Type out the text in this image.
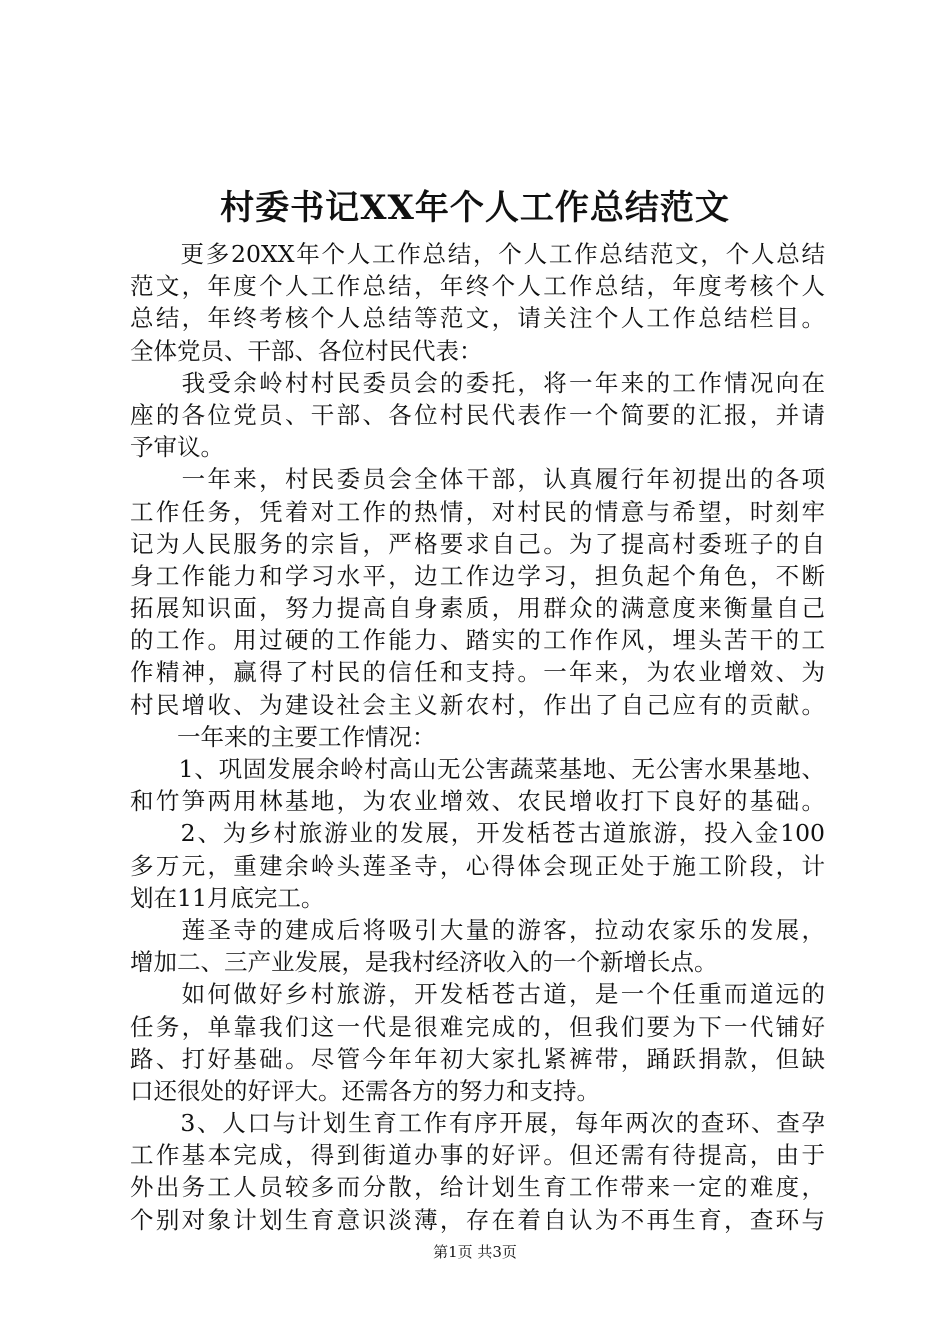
村委书记XX年个人工作总结范文
　　更多20XX年个人工作总结，个人工作总结范文，个人总结
范文，年度个人工作总结，年终个人工作总结，年度考核个人
总结，年终考核个人总结等范文，请关注个人工作总结栏目。
全体党员、干部、各位村民代表：
　　我受余岭村村民委员会的委托，将一年来的工作情况向在
座的各位党员、干部、各位村民代表作一个简要的汇报，并请
予审议。
　　一年来，村民委员会全体干部，认真履行年初提出的各项
工作任务，凭着对工作的热情，对村民的情意与希望，时刻牢
记为人民服务的宗旨，严格要求自己。为了提高村委班子的自
身工作能力和学习水平，边工作边学习，担负起个角色，不断
拓展知识面，努力提高自身素质，用群众的满意度来衡量自己
的工作。用过硬的工作能力、踏实的工作作风，埋头苦干的工
作精神，赢得了村民的信任和支持。一年来，为农业增效、为
村民增收、为建设社会主义新农村，作出了自己应有的贡献。
　　一年来的主要工作情况：
　　1、巩固发展余岭村高山无公害蔬菜基地、无公害水果基地、
和竹笋两用林基地，为农业增效、农民增收打下良好的基础。
　　2、为乡村旅游业的发展，开发栝苍古道旅游，投入金100
多万元，重建余岭头莲圣寺，心得体会现正处于施工阶段，计
划在11月底完工。
　　莲圣寺的建成后将吸引大量的游客，拉动农家乐的发展，
增加二、三产业发展，是我村经济收入的一个新增长点。
　　如何做好乡村旅游，开发栝苍古道，是一个任重而道远的
任务，单靠我们这一代是很难完成的，但我们要为下一代铺好
路、打好基础。尽管今年年初大家扎紧裤带，踊跃捐款，但缺
口还很处的好评大。还需各方的努力和支持。
　　3、人口与计划生育工作有序开展，每年两次的查环、查孕
工作基本完成，得到街道办事的好评。但还需有待提高，由于
外出务工人员较多而分散，给计划生育工作带来一定的难度，
个别对象计划生育意识淡薄，存在着自认为不再生育，查环与
第1页 共3页
